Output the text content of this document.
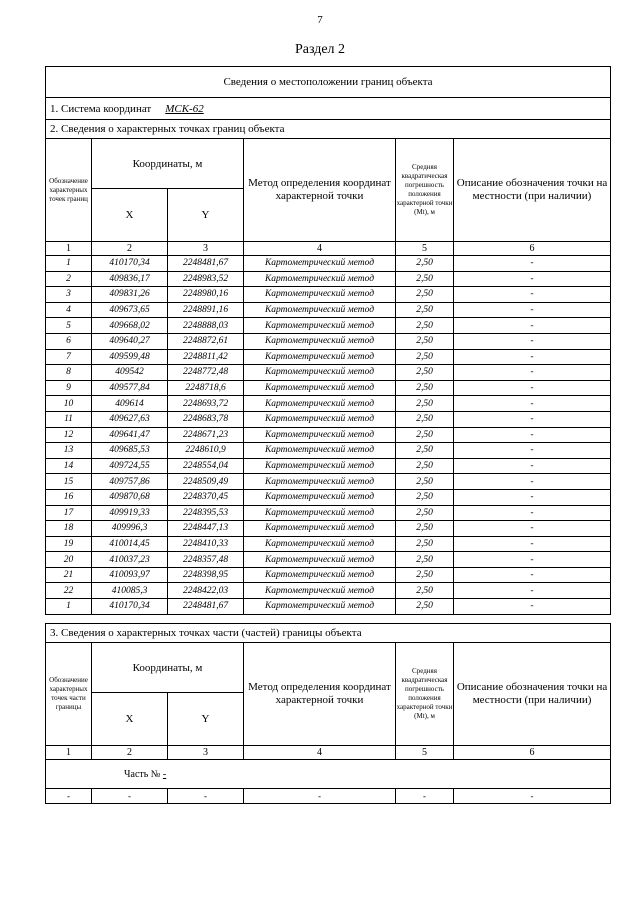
7
Раздел 2
Сведения о местоположении границ объекта					
1. Система координат МСК-62					
2. Сведения о характерных точках границ объекта					
Обозначение характерных точек границ	Координаты, м		Метод определения координат характерной точки	Средняя квадратическая погрешность положения характерной точки (Mt), м	Описание обозначения точки на местности (при наличии)
	X	Y			
1	2	3	4	5	6
1	410170,34	2248481,67	Картометрический метод	2,50	-
2	409836,17	2248983,52	Картометрический метод	2,50	-
3	409831,26	2248980,16	Картометрический метод	2,50	-
4	409673,65	2248891,16	Картометрический метод	2,50	-
5	409668,02	2248888,03	Картометрический метод	2,50	-
6	409640,27	2248872,61	Картометрический метод	2,50	-
7	409599,48	2248811,42	Картометрический метод	2,50	-
8	409542	2248772,48	Картометрический метод	2,50	-
9	409577,84	2248718,6	Картометрический метод	2,50	-
10	409614	2248693,72	Картометрический метод	2,50	-
11	409627,63	2248683,78	Картометрический метод	2,50	-
12	409641,47	2248671,23	Картометрический метод	2,50	-
13	409685,53	2248610,9	Картометрический метод	2,50	-
14	409724,55	2248554,04	Картометрический метод	2,50	-
15	409757,86	2248509,49	Картометрический метод	2,50	-
16	409870,68	2248370,45	Картометрический метод	2,50	-
17	409919,33	2248395,53	Картометрический метод	2,50	-
18	409996,3	2248447,13	Картометрический метод	2,50	-
19	410014,45	2248410,33	Картометрический метод	2,50	-
20	410037,23	2248357,48	Картометрический метод	2,50	-
21	410093,97	2248398,95	Картометрический метод	2,50	-
22	410085,3	2248422,03	Картометрический метод	2,50	-
1	410170,34	2248481,67	Картометрический метод	2,50	-
3. Сведения о характерных точках части (частей) границы объекта					
Обозначение характерных точек части границы	Координаты, м		Метод определения координат характерной точки	Средняя квадратическая погрешность положения характерной точки (Mt), м	Описание обозначения точки на местности (при наличии)
	X	Y			
1	2	3	4	5	6
Часть № -					
-	-	-	-	-	-
